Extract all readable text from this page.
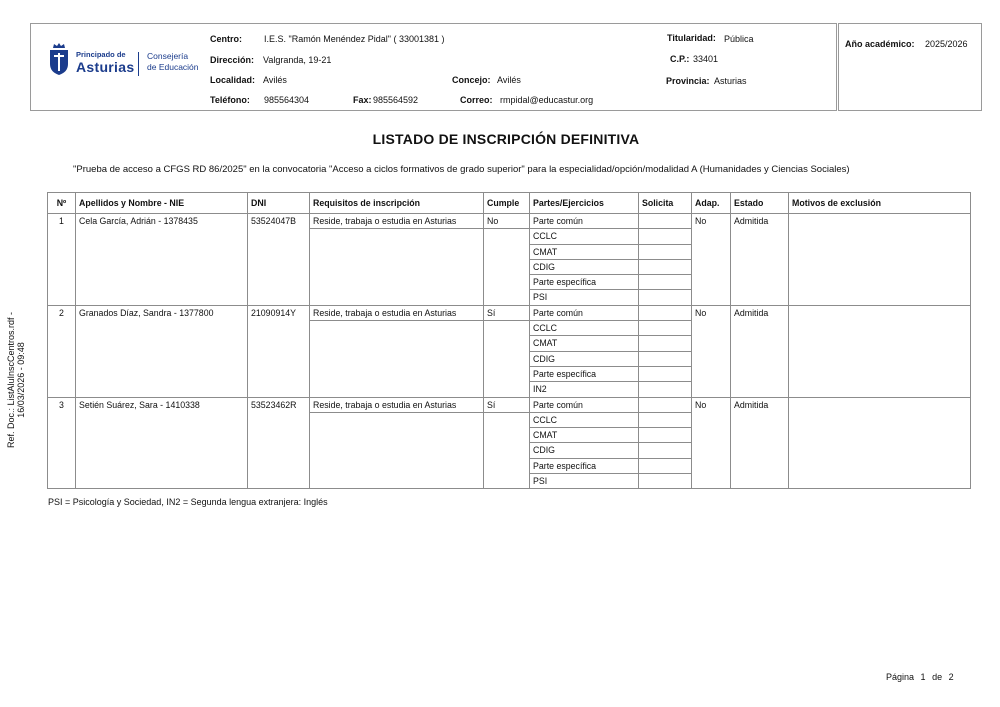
Principado de
Asturias
Consejería
de Educación
Centro: I.E.S. "Ramón Menéndez Pidal" ( 33001381 )
Dirección: Valgranda, 19-21
Localidad: Avilés	Concejo: Avilés
Teléfono: 985564304	Fax: 985564592	Correo: rmpidal@educastur.org
Titularidad: Pública
C.P.: 33401
Provincia: Asturias
Año académico: 2025/2026
LISTADO DE INSCRIPCIÓN DEFINITIVA
"Prueba de acceso a CFGS RD 86/2025" en la convocatoria "Acceso a ciclos formativos de grado superior" para la especialidad/opción/modalidad A (Humanidades y Ciencias Sociales)
Nº	Apellidos y Nombre - NIE	DNI	Requisitos de inscripción	Cumple	Partes/Ejercicios	Solicita	Adap.	Estado	Motivos de exclusión
1	Cela García, Adrián - 1378435	53524047B	Reside, trabaja o estudia en Asturias	No	Parte común		No	Admitida	
					CCLC				
					CMAT				
					CDIG				
					Parte específica				
					PSI				
2	Granados Díaz, Sandra - 1377800	21090914Y	Reside, trabaja o estudia en Asturias	Sí	Parte común		No	Admitida	
					CCLC				
					CMAT				
					CDIG				
					Parte específica				
					IN2				
3	Setién Suárez, Sara - 1410338	53523462R	Reside, trabaja o estudia en Asturias	Sí	Parte común		No	Admitida	
					CCLC				
					CMAT				
					CDIG				
					Parte específica				
					PSI				
PSI = Psicología y Sociedad, IN2 = Segunda lengua extranjera: Inglés
Ref. Doc.: ListAluInscCentros.rdf - 16/03/2026 - 09:48
Página 1 de 2
